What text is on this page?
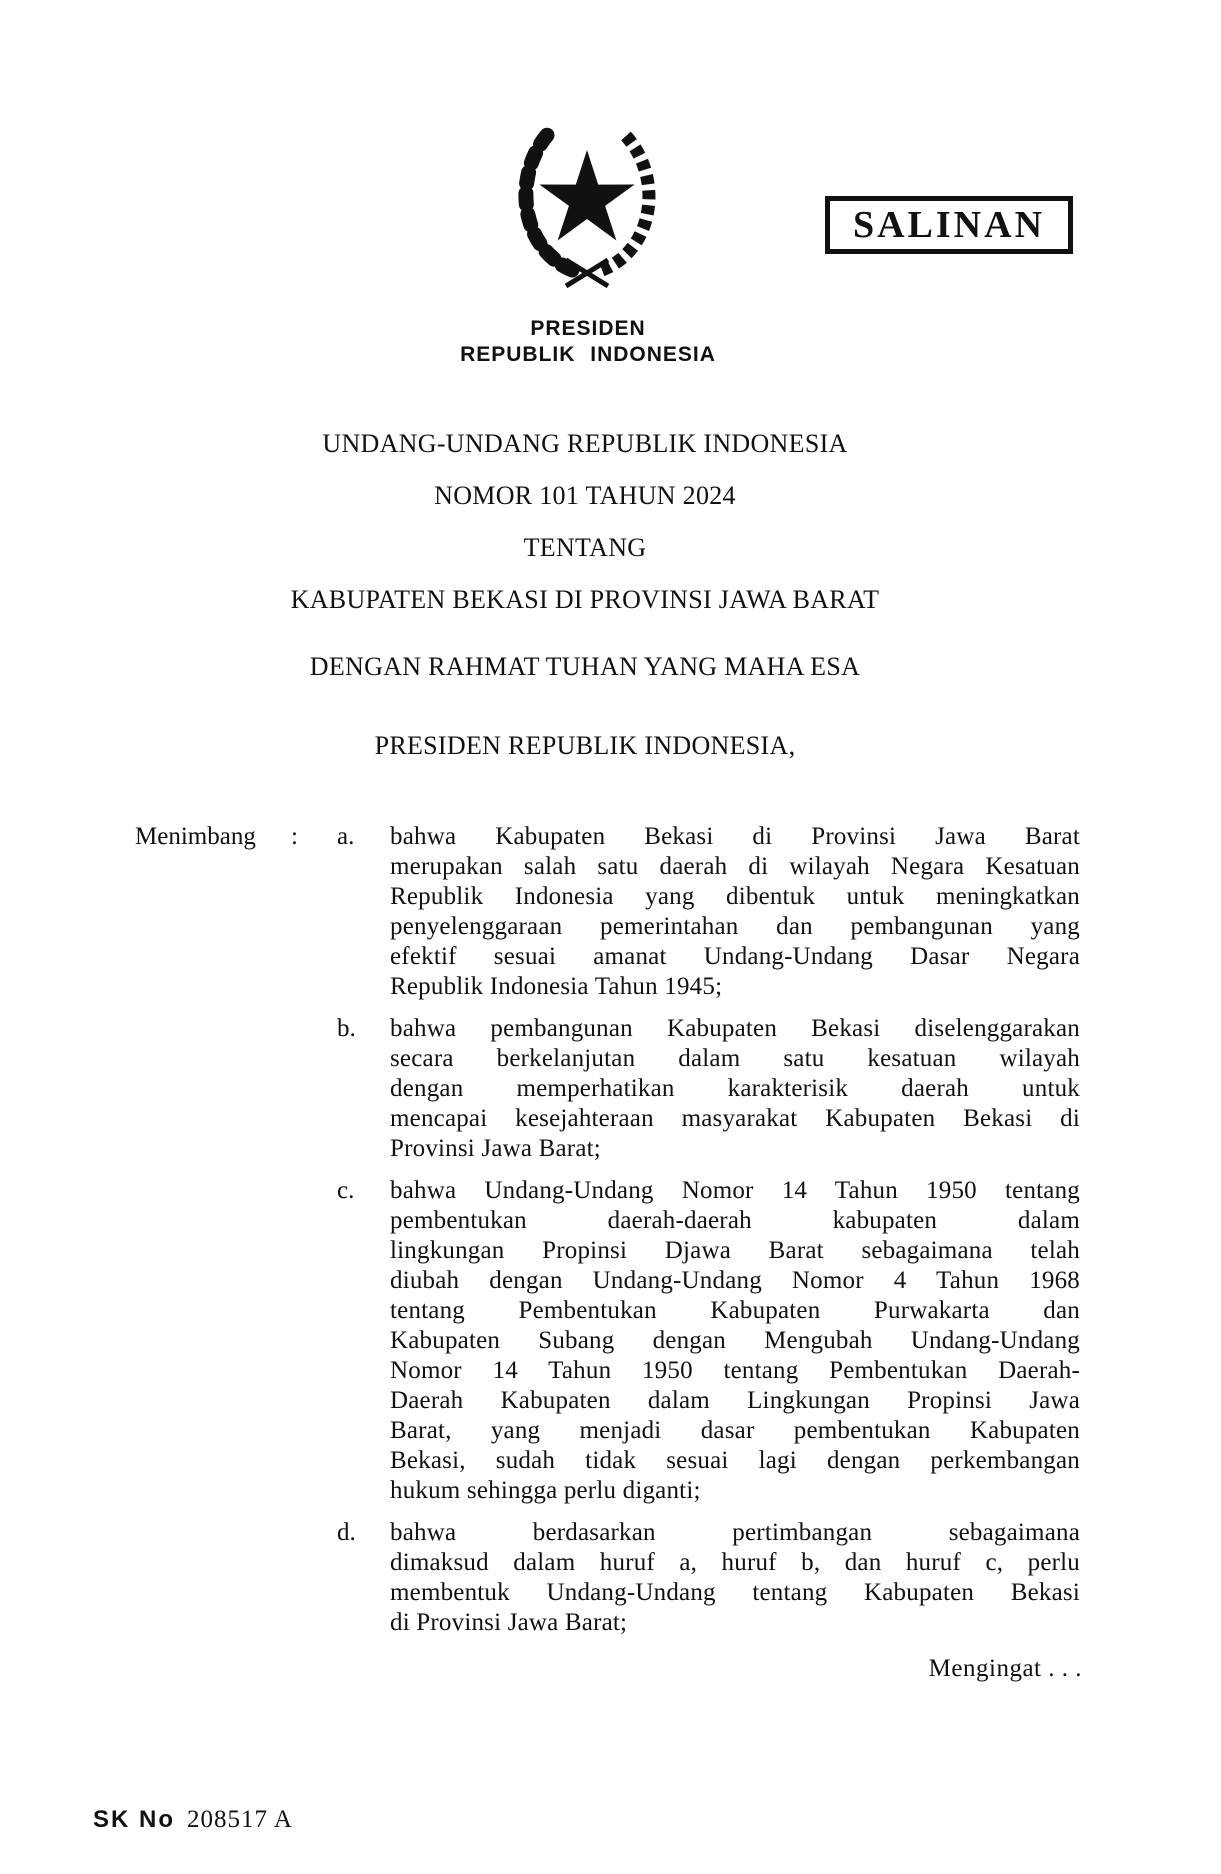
SALINAN
PRESIDEN
REPUBLIK INDONESIA
UNDANG-UNDANG REPUBLIK INDONESIA
NOMOR 101 TAHUN 2024
TENTANG
KABUPATEN BEKASI DI PROVINSI JAWA BARAT
DENGAN RAHMAT TUHAN YANG MAHA ESA
PRESIDEN REPUBLIK INDONESIA,
Menimbang	:	a.	bahwa Kabupaten Bekasi di Provinsi Jawa Barat
merupakan salah satu daerah di wilayah Negara Kesatuan
Republik Indonesia yang dibentuk untuk meningkatkan
penyelenggaraan pemerintahan dan pembangunan yang
efektif sesuai amanat Undang-Undang Dasar Negara
Republik Indonesia Tahun 1945;
b.	bahwa pembangunan Kabupaten Bekasi diselenggarakan
secara berkelanjutan dalam satu kesatuan wilayah
dengan memperhatikan karakterisik daerah untuk
mencapai kesejahteraan masyarakat Kabupaten Bekasi di
Provinsi Jawa Barat;
c.	bahwa Undang-Undang Nomor 14 Tahun 1950 tentang
pembentukan daerah-daerah kabupaten dalam
lingkungan Propinsi Djawa Barat sebagaimana telah
diubah dengan Undang-Undang Nomor 4 Tahun 1968
tentang Pembentukan Kabupaten Purwakarta dan
Kabupaten Subang dengan Mengubah Undang-Undang
Nomor 14 Tahun 1950 tentang Pembentukan Daerah-
Daerah Kabupaten dalam Lingkungan Propinsi Jawa
Barat, yang menjadi dasar pembentukan Kabupaten
Bekasi, sudah tidak sesuai lagi dengan perkembangan
hukum sehingga perlu diganti;
d.	bahwa berdasarkan pertimbangan sebagaimana
dimaksud dalam huruf a, huruf b, dan huruf c, perlu
membentuk Undang-Undang tentang Kabupaten Bekasi
di Provinsi Jawa Barat;
Mengingat . . .
SK No 208517 A
